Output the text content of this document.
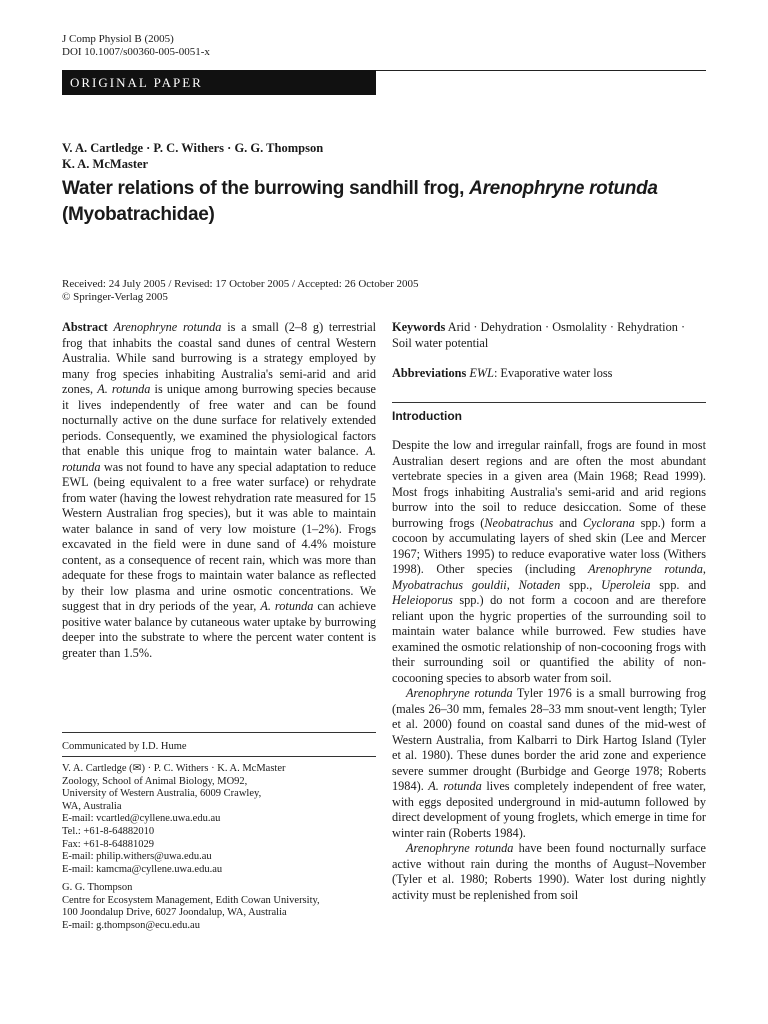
J Comp Physiol B (2005)
DOI 10.1007/s00360-005-0051-x
ORIGINAL PAPER
V. A. Cartledge · P. C. Withers · G. G. Thompson
K. A. McMaster
Water relations of the burrowing sandhill frog, Arenophryne rotunda
(Myobatrachidae)
Received: 24 July 2005 / Revised: 17 October 2005 / Accepted: 26 October 2005
© Springer-Verlag 2005

Abstract Arenophryne rotunda is a small (2–8 g) terrestrial frog that inhabits the coastal sand dunes of central Western Australia. While sand burrowing is a strategy employed by many frog species inhabiting Australia's semi-arid and arid zones, A. rotunda is unique among burrowing species because it lives independently of free water and can be found nocturnally active on the dune surface for relatively extended periods. Consequently, we examined the physiological factors that enable this unique frog to maintain water balance. A. rotunda was not found to have any special adaptation to reduce EWL (being equivalent to a free water surface) or rehydrate from water (having the lowest rehydration rate measured for 15 Western Australian frog species), but it was able to maintain water balance in sand of very low moisture (1–2%). Frogs excavated in the field were in dune sand of 4.4% moisture content, as a consequence of recent rain, which was more than adequate for these frogs to maintain water balance as reflected by their low plasma and urine osmotic concentrations. We suggest that in dry periods of the year, A. rotunda can achieve positive water balance by cutaneous water uptake by burrowing deeper into the substrate to where the percent water content is greater than 1.5%.

Communicated by I.D. Hume
V. A. Cartledge (✉) · P. C. Withers · K. A. McMaster
Zoology, School of Animal Biology, MO92,
University of Western Australia, 6009 Crawley,
WA, Australia
E-mail: vcartled@cyllene.uwa.edu.au
Tel.: +61-8-64882010
Fax: +61-8-64881029
E-mail: philip.withers@uwa.edu.au
E-mail: kamcma@cyllene.uwa.edu.au
G. G. Thompson
Centre for Ecosystem Management, Edith Cowan University,
100 Joondalup Drive, 6027 Joondalup, WA, Australia
E-mail: g.thompson@ecu.edu.au

Keywords Arid · Dehydration · Osmolality · Rehydration · Soil water potential

Abbreviations EWL: Evaporative water loss

Introduction

Despite the low and irregular rainfall, frogs are found in most Australian desert regions and are often the most abundant vertebrate species in a given area (Main 1968; Read 1999). Most frogs inhabiting Australia's semi-arid and arid regions burrow into the soil to reduce desiccation. Some of these burrowing frogs (Neobatrachus and Cyclorana spp.) form a cocoon by accumulating layers of shed skin (Lee and Mercer 1967; Withers 1995) to reduce evaporative water loss (Withers 1998). Other species (including Arenophryne rotunda, Myobatrachus gouldii, Notaden spp., Uperoleia spp. and Heleioporus spp.) do not form a cocoon and are therefore reliant upon the hygric properties of the surrounding soil to maintain water balance while burrowed. Few studies have examined the osmotic relationship of non-cocooning frogs with their surrounding soil or quantified the ability of non-cocooning species to absorb water from soil.

Arenophryne rotunda Tyler 1976 is a small burrowing frog (males 26–30 mm, females 28–33 mm snout-vent length; Tyler et al. 2000) found on coastal sand dunes of the mid-west of Western Australia, from Kalbarri to Dirk Hartog Island (Tyler et al. 1980). These dunes border the arid zone and experience severe summer drought (Burbidge and George 1978; Roberts 1984). A. rotunda lives completely independent of free water, with eggs deposited underground in mid-autumn followed by direct development of young froglets, which emerge in time for winter rain (Roberts 1984).

Arenophryne rotunda have been found nocturnally surface active without rain during the months of August–November (Tyler et al. 1980; Roberts 1990). Water lost during nightly activity must be replenished from soil
